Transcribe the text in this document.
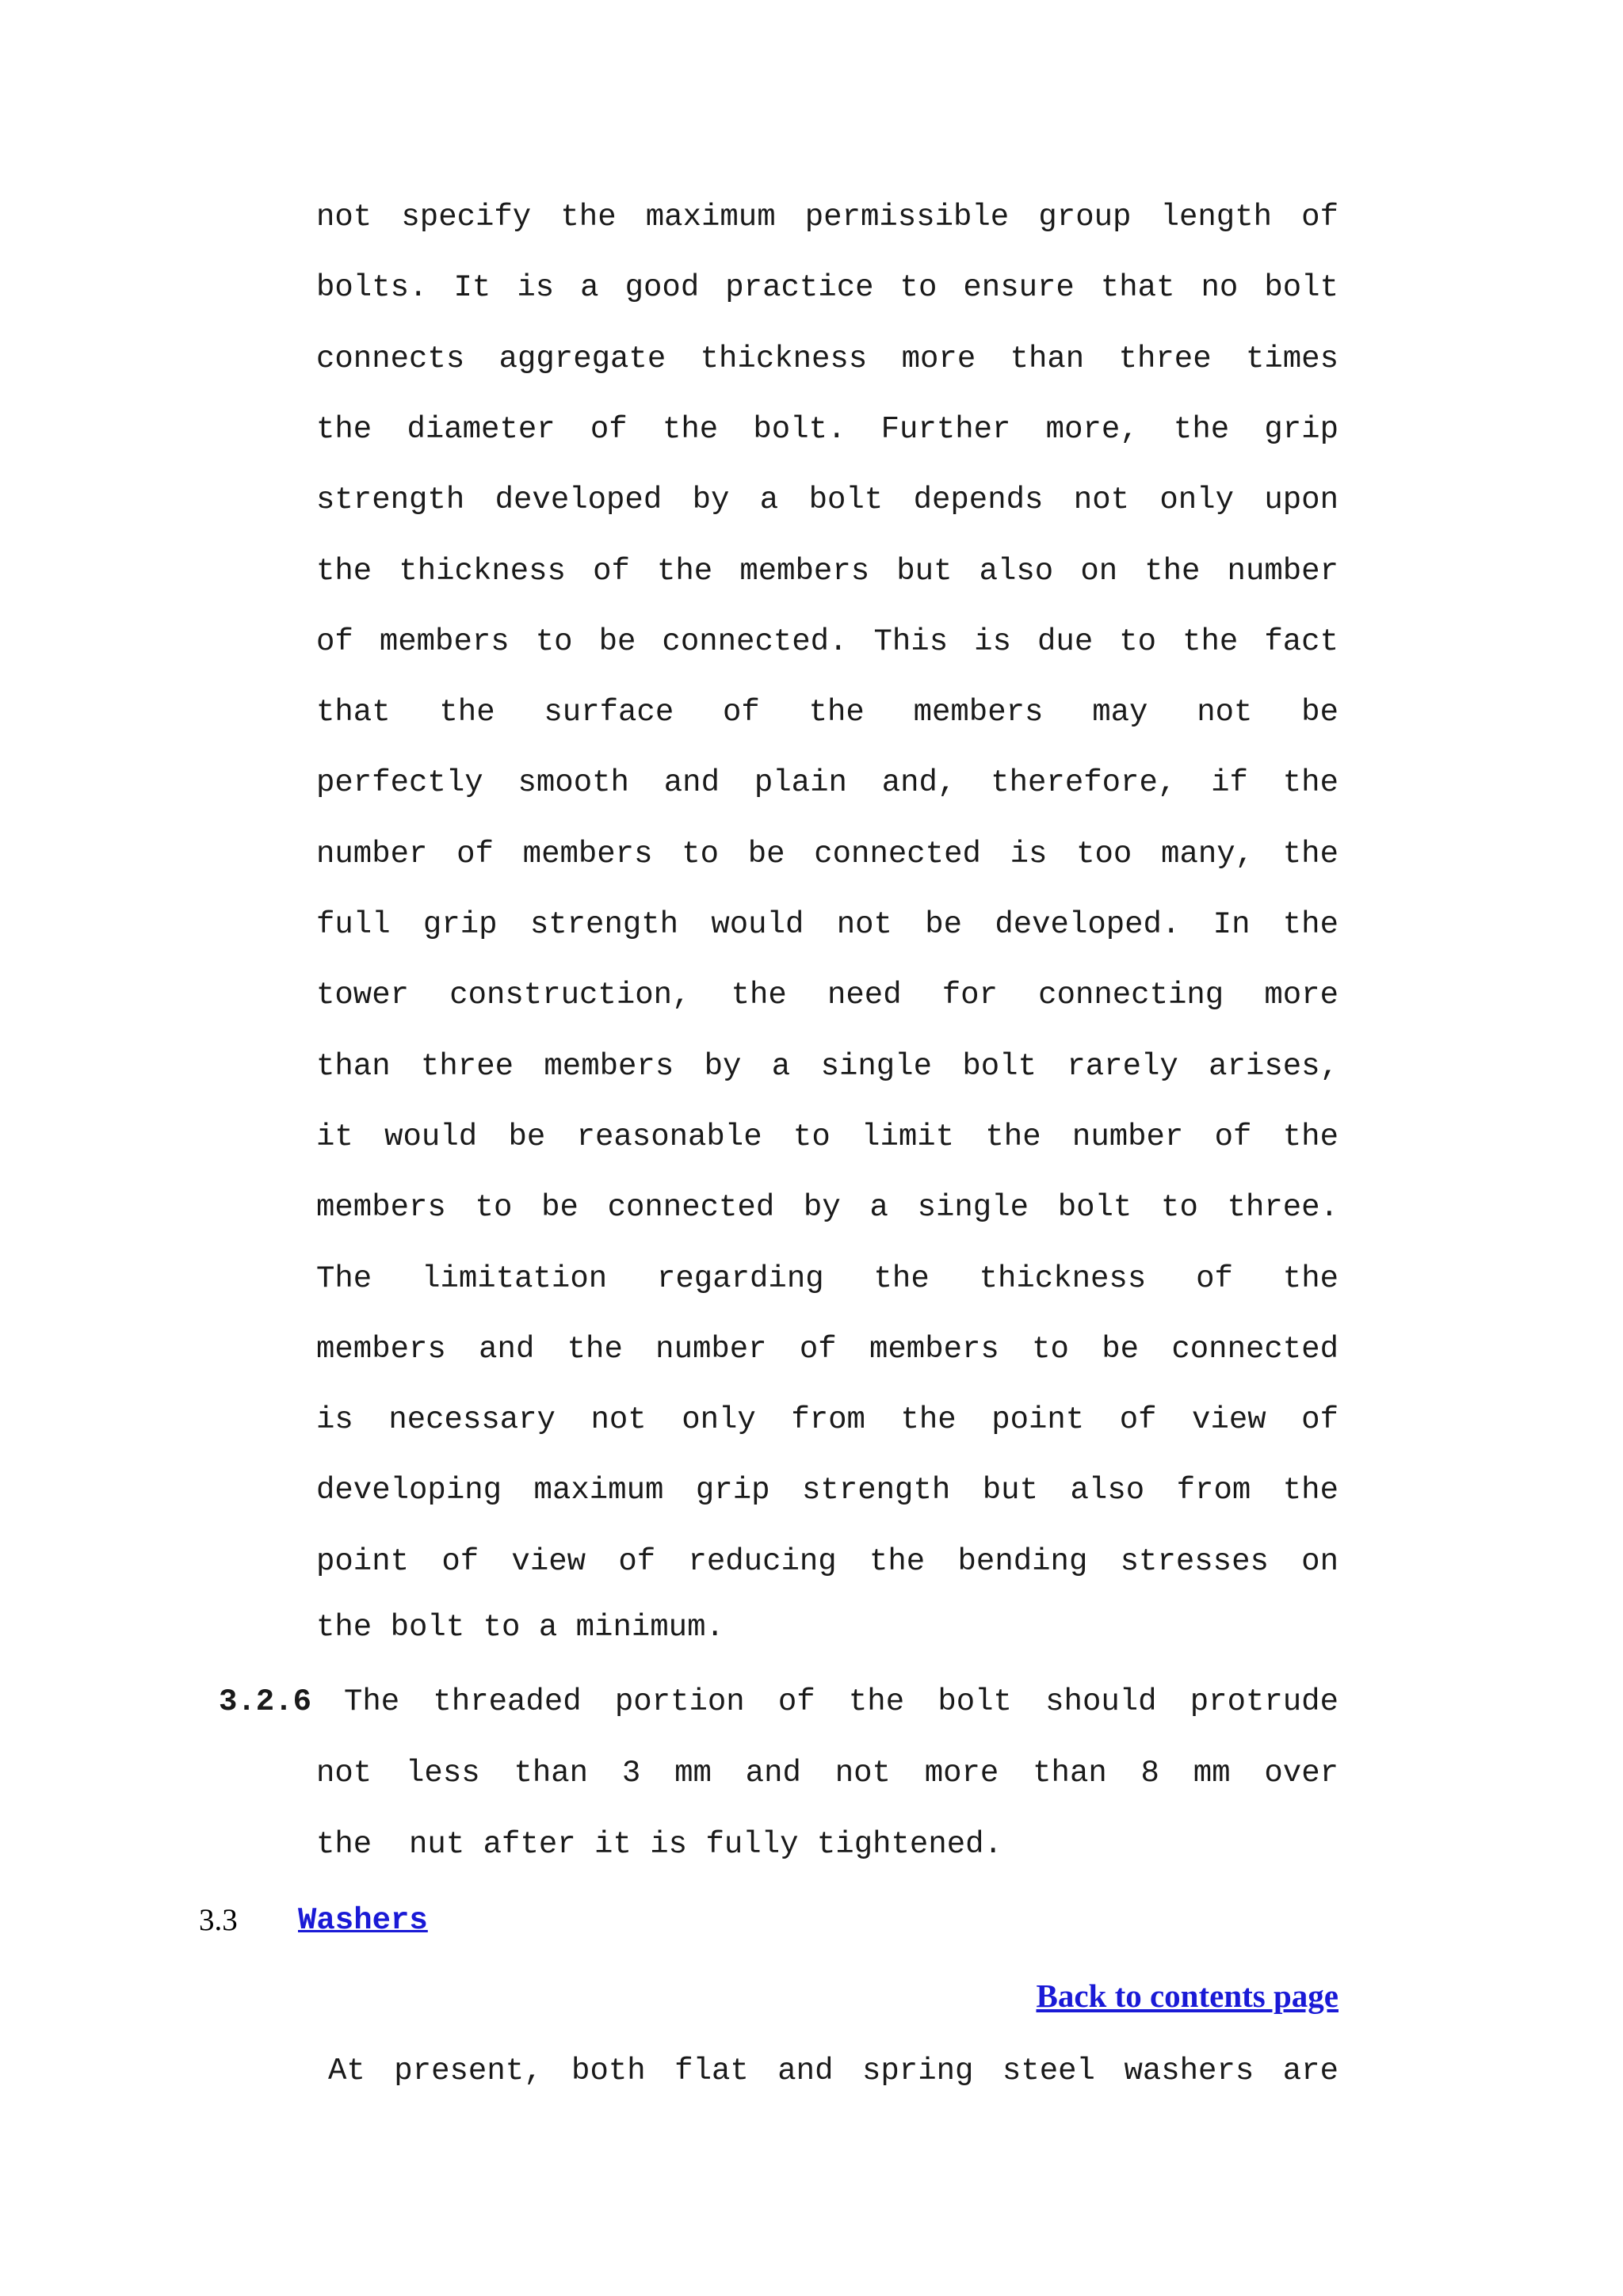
not specify the maximum permissible group length of
bolts. It is a good practice to ensure that no bolt
connects aggregate thickness more than three times
the diameter of the bolt. Further more, the grip
strength developed by a bolt depends not only upon
the thickness of the members but also on the number
of members to be connected. This is due to the fact
that the surface of the members may not be
perfectly smooth and plain and, therefore, if the
number of members to be connected is too many, the
full grip strength would not be developed. In the
tower construction, the need for connecting more
than three members by a single bolt rarely arises,
it would be reasonable to limit the number of the
members to be connected by a single bolt to three.
The limitation regarding the thickness of the
members and the number of members to be connected
is necessary not only from the point of view of
developing maximum grip strength but also from the
point of view of reducing the bending stresses on
the bolt to a minimum.
3.2.6 The threaded portion of the bolt should protrude
not less than 3 mm and not more than 8 mm over
the  nut after it is fully tightened.
3.3 Washers
Back to contents page
At present, both flat and spring steel washers are
